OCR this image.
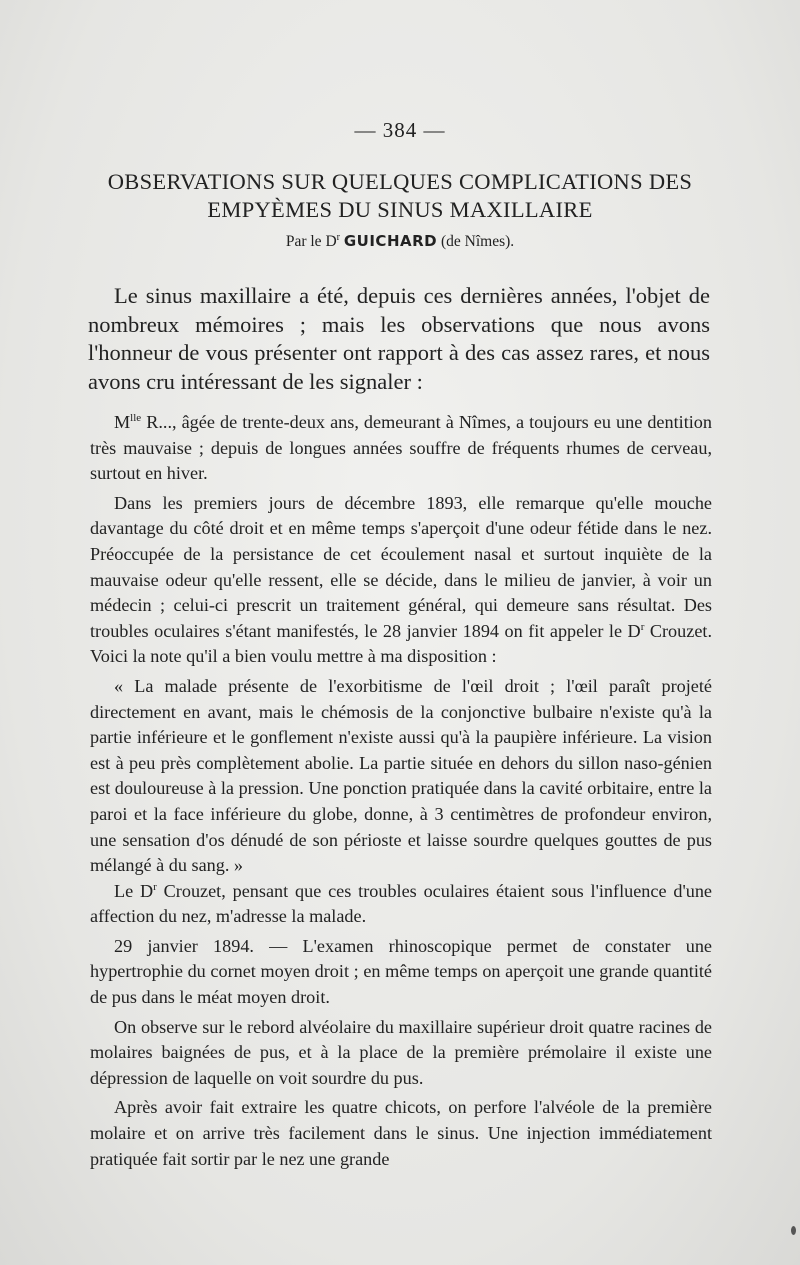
— 384 —
OBSERVATIONS SUR QUELQUES COMPLICATIONS DES
EMPYÈMES DU SINUS MAXILLAIRE
Par le $D^r$ GUICHARD (de Nîmes).

Le sinus maxillaire a été, depuis ces dernières années, l'objet de nombreux mémoires ; mais les observations que nous avons l'honneur de vous présenter ont rapport à des cas assez rares, et nous avons cru intéressant de les signaler :

$M^{lle}$ R..., âgée de trente-deux ans, demeurant à Nîmes, a toujours eu une dentition très mauvaise ; depuis de longues années souffre de fréquents rhumes de cerveau, surtout en hiver.

Dans les premiers jours de décembre 1893, elle remarque qu'elle mouche davantage du côté droit et en même temps s'aperçoit d'une odeur fétide dans le nez. Préoccupée de la persistance de cet écoulement nasal et surtout inquiète de la mauvaise odeur qu'elle ressent, elle se décide, dans le milieu de janvier, à voir un médecin ; celui-ci prescrit un traitement général, qui demeure sans résultat. Des troubles oculaires s'étant manifestés, le 28 janvier 1894 on fit appeler le $D^r$ Crouzet. Voici la note qu'il a bien voulu mettre à ma disposition :

« La malade présente de l'exorbitisme de l'œil droit ; l'œil paraît projeté directement en avant, mais le chémosis de la conjonctive bulbaire n'existe qu'à la partie inférieure et le gonflement n'existe aussi qu'à la paupière inférieure. La vision est à peu près complètement abolie. La partie située en dehors du sillon naso-génien est douloureuse à la pression. Une ponction pratiquée dans la cavité orbitaire, entre la paroi et la face inférieure du globe, donne, à 3 centimètres de profondeur environ, une sensation d'os dénudé de son périoste et laisse sourdre quelques gouttes de pus mélangé à du sang. »

Le $D^r$ Crouzet, pensant que ces troubles oculaires étaient sous l'influence d'une affection du nez, m'adresse la malade.

29 janvier 1894. — L'examen rhinoscopique permet de constater une hypertrophie du cornet moyen droit ; en même temps on aperçoit une grande quantité de pus dans le méat moyen droit.

On observe sur le rebord alvéolaire du maxillaire supérieur droit quatre racines de molaires baignées de pus, et à la place de la première prémolaire il existe une dépression de laquelle on voit sourdre du pus.

Après avoir fait extraire les quatre chicots, on perfore l'alvéole de la première molaire et on arrive très facilement dans le sinus. Une injection immédiatement pratiquée fait sortir par le nez une grande
